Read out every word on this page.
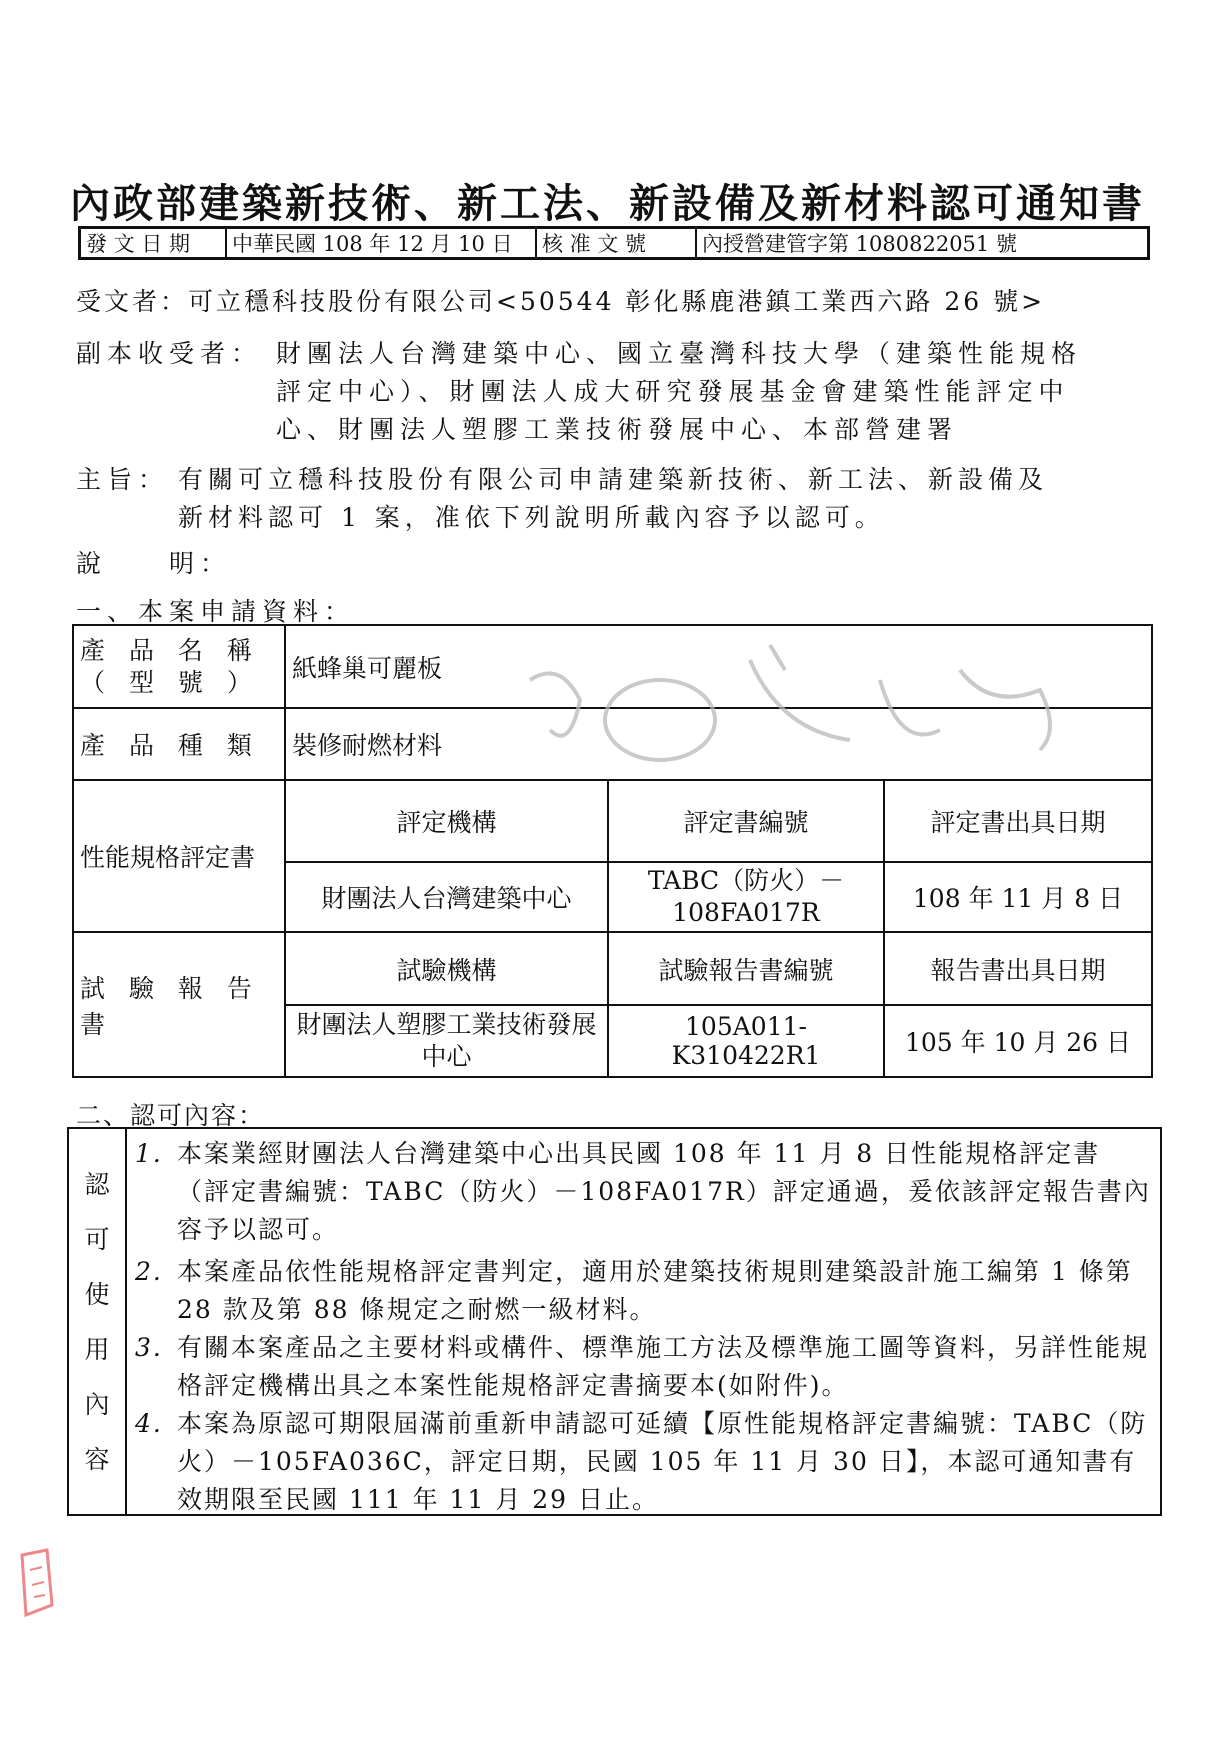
內政部建築新技術、新工法、新設備及新材料認可通知書
發 文 日 期	中華民國 108 年 12 月 10 日	核 准 文 號	內授營建管字第 1080822051 號
受文者：可立穩科技股份有限公司<50544 彰化縣鹿港鎮工業西六路 26 號>
副本收受者： 財團法人台灣建築中心、國立臺灣科技大學（建築性能規格
評定中心）、財團法人成大研究發展基金會建築性能評定中
心、財團法人塑膠工業技術發展中心、本部營建署
主旨： 有關可立穩科技股份有限公司申請建築新技術、新工法、新設備及
新材料認可 1 案，准依下列說明所載內容予以認可。
說　　明：
一、本案申請資料：
產 品 名 稱（ 型 號 ）	紙蜂巢可麗板		
產 品 種 類	裝修耐燃材料		
性能規格評定書	評定機構	評定書編號	評定書出具日期
	財團法人台灣建築中心	TABC（防火）－108FA017R	108 年 11 月 8 日
試 驗 報 告 書	試驗機構	試驗報告書編號	報告書出具日期
	財團法人塑膠工業技術發展中心	105A011-K310422R1	105 年 10 月 26 日
二、認可內容：
認
可
使
用
內
容
1. 本案業經財團法人台灣建築中心出具民國 108 年 11 月 8 日性能規格評定書（評定書編號：TABC（防火）－108FA017R）評定通過，爰依該評定報告書內容予以認可。
2. 本案產品依性能規格評定書判定，適用於建築技術規則建築設計施工編第 1 條第 28 款及第 88 條規定之耐燃一級材料。
3. 有關本案產品之主要材料或構件、標準施工方法及標準施工圖等資料，另詳性能規格評定機構出具之本案性能規格評定書摘要本(如附件)。
4. 本案為原認可期限屆滿前重新申請認可延續【原性能規格評定書編號：TABC（防火）－105FA036C，評定日期，民國 105 年 11 月 30 日】，本認可通知書有效期限至民國 111 年 11 月 29 日止。
